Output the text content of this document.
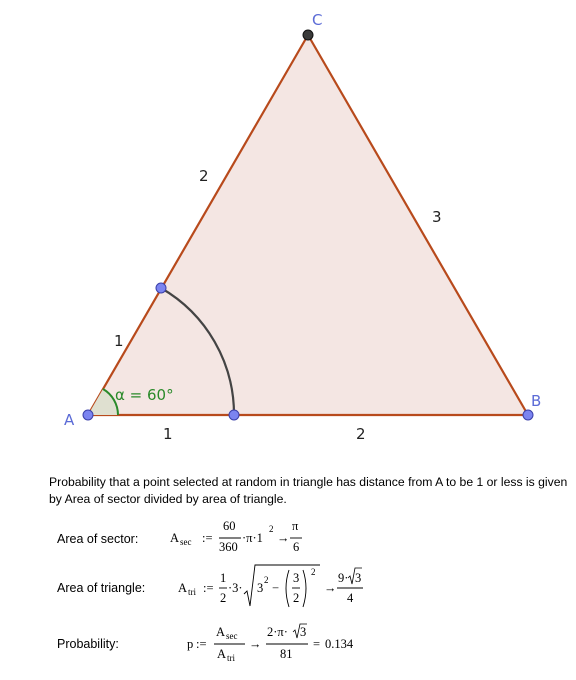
A
B
C
2
1
1	2
3
α = 60°
Probability that a point selected at random in triangle has distance from A to be 1 or less is given by Area of sector divided by area of triangle.
Area of sector:
Area of triangle:
Probability:
A sec :=
60
360
·π·1
2
→
π
6
A tri :=
1
2
·3· 3
2
−
3
2
2
→
9· 3
4
p :=
A sec
A tri
→
2·π· 3
81
= 0.134
